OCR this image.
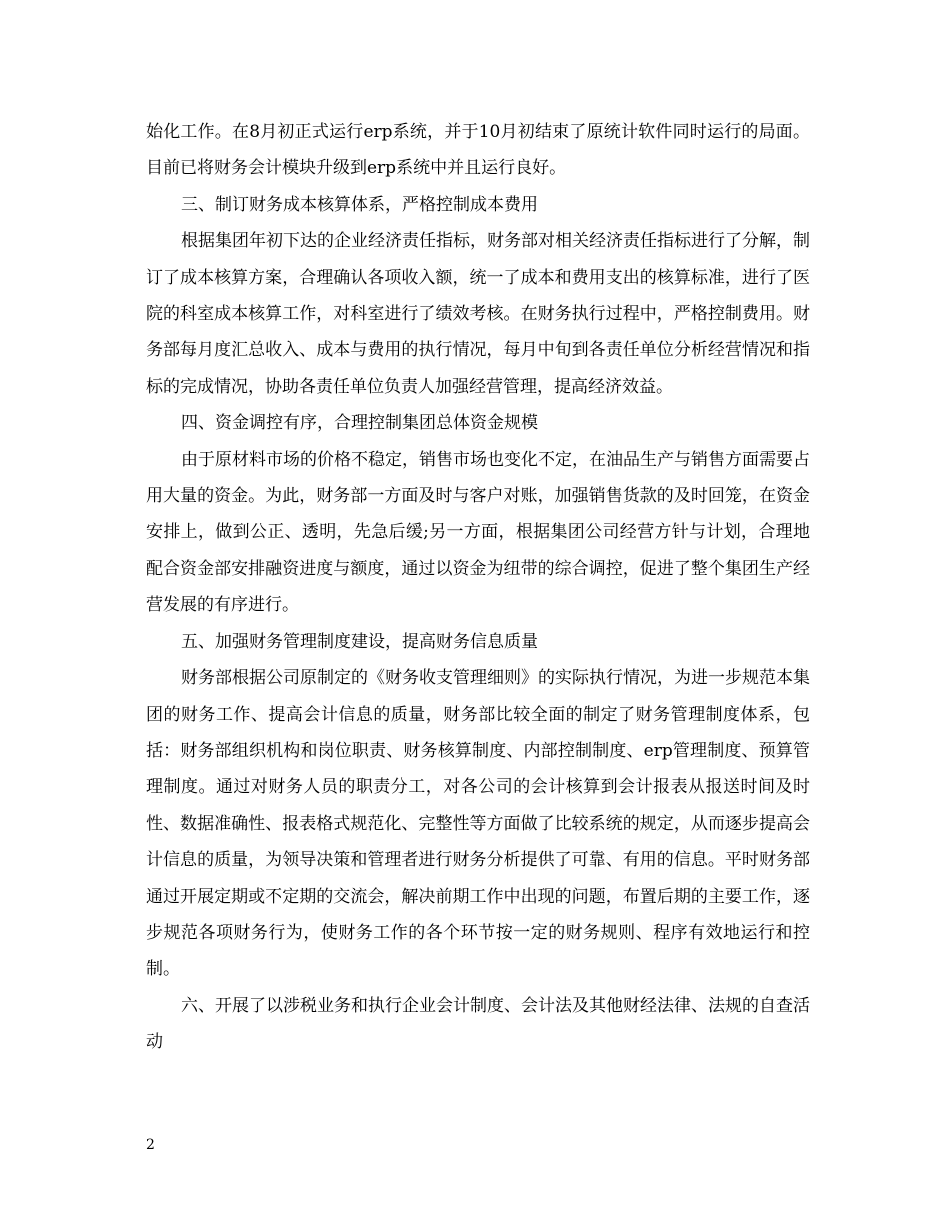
始化工作。在8月初正式运行erp系统，并于10月初结束了原统计软件同时运行的局面。目前已将财务会计模块升级到erp系统中并且运行良好。

三、制订财务成本核算体系，严格控制成本费用

根据集团年初下达的企业经济责任指标，财务部对相关经济责任指标进行了分解，制订了成本核算方案，合理确认各项收入额，统一了成本和费用支出的核算标准，进行了医院的科室成本核算工作，对科室进行了绩效考核。在财务执行过程中，严格控制费用。财务部每月度汇总收入、成本与费用的执行情况，每月中旬到各责任单位分析经营情况和指标的完成情况，协助各责任单位负责人加强经营管理，提高经济效益。

四、资金调控有序，合理控制集团总体资金规模

由于原材料市场的价格不稳定，销售市场也变化不定，在油品生产与销售方面需要占用大量的资金。为此，财务部一方面及时与客户对账，加强销售货款的及时回笼，在资金安排上，做到公正、透明，先急后缓;另一方面，根据集团公司经营方针与计划，合理地配合资金部安排融资进度与额度，通过以资金为纽带的综合调控，促进了整个集团生产经营发展的有序进行。

五、加强财务管理制度建设，提高财务信息质量

财务部根据公司原制定的《财务收支管理细则》的实际执行情况，为进一步规范本集团的财务工作、提高会计信息的质量，财务部比较全面的制定了财务管理制度体系，包括：财务部组织机构和岗位职责、财务核算制度、内部控制制度、erp管理制度、预算管理制度。通过对财务人员的职责分工，对各公司的会计核算到会计报表从报送时间及时性、数据准确性、报表格式规范化、完整性等方面做了比较系统的规定，从而逐步提高会计信息的质量，为领导决策和管理者进行财务分析提供了可靠、有用的信息。平时财务部通过开展定期或不定期的交流会，解决前期工作中出现的问题，布置后期的主要工作，逐步规范各项财务行为，使财务工作的各个环节按一定的财务规则、程序有效地运行和控制。

六、开展了以涉税业务和执行企业会计制度、会计法及其他财经法律、法规的自查活动

2
